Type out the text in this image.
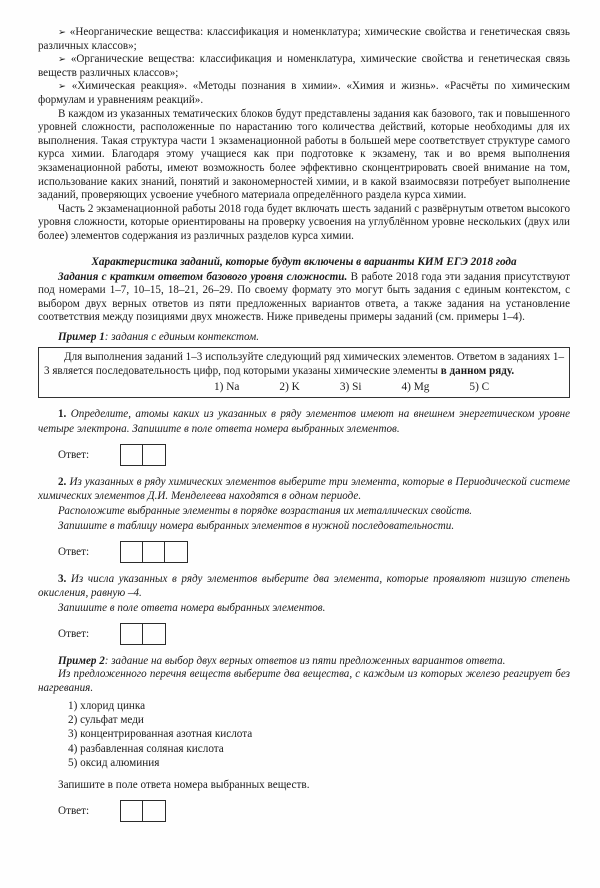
➢ «Неорганические вещества: классификация и номенклатура; химические свойства и генетическая связь различных классов»;

➢ «Органические вещества: классификация и номенклатура, химические свойства и генетическая связь веществ различных классов»;

➢ «Химическая реакция». «Методы познания в химии». «Химия и жизнь». «Расчёты по химическим формулам и уравнениям реакций».

В каждом из указанных тематических блоков будут представлены задания как базового, так и повышенного уровней сложности, расположенные по нарастанию того количества действий, которые необходимы для их выполнения. Такая структура части 1 экзаменационной работы в большей мере соответствует структуре самого курса химии. Благодаря этому учащиеся как при подготовке к экзамену, так и во время выполнения экзаменационной работы, имеют возможность более эффективно сконцентрировать своей внимание на том, использование каких знаний, понятий и закономерностей химии, и в какой взаимосвязи потребует выполнение заданий, проверяющих усвоение учебного материала определённого раздела курса химии.

Часть 2 экзаменационной работы 2018 года будет включать шесть заданий с развёрнутым ответом высокого уровня сложности, которые ориентированы на проверку усвоения на углублённом уровне нескольких (двух или более) элементов содержания из различных разделов курса химии.

Характеристика заданий, которые будут включены в варианты КИМ ЕГЭ 2018 года

Задания с кратким ответом базового уровня сложности. В работе 2018 года эти задания присутствуют под номерами 1–7, 10–15, 18–21, 26–29. По своему формату это могут быть задания с единым контекстом, с выбором двух верных ответов из пяти предложенных вариантов ответа, а также задания на установление соответствия между позициями двух множеств. Ниже приведены примеры заданий (см. примеры 1–4).

Пример 1: задания с единым контекстом.

Для выполнения заданий 1–3 используйте следующий ряд химических элементов. Ответом в заданиях 1–3 является последовательность цифр, под которыми указаны химические элементы в данном ряду.

1) Na	2) K	3) Si	4) Mg	5) C

1. Определите, атомы каких из указанных в ряду элементов имеют на внешнем энергетическом уровне четыре электрона. Запишите в поле ответа номера выбранных элементов.

Ответ:

2. Из указанных в ряду химических элементов выберите три элемента, которые в Периодической системе химических элементов Д.И. Менделеева находятся в одном периоде.

Расположите выбранные элементы в порядке возрастания их металлических свойств.

Запишите в таблицу номера выбранных элементов в нужной последовательности.

Ответ:

3. Из числа указанных в ряду элементов выберите два элемента, которые проявляют низшую степень окисления, равную –4.

Запишите в поле ответа номера выбранных элементов.

Ответ:

Пример 2: задание на выбор двух верных ответов из пяти предложенных вариантов ответа.

Из предложенного перечня веществ выберите два вещества, с каждым из которых железо реагирует без нагревания.

1) хлорид цинка
2) сульфат меди
3) концентрированная азотная кислота
4) разбавленная соляная кислота
5) оксид алюминия

Запишите в поле ответа номера выбранных веществ.

Ответ:
